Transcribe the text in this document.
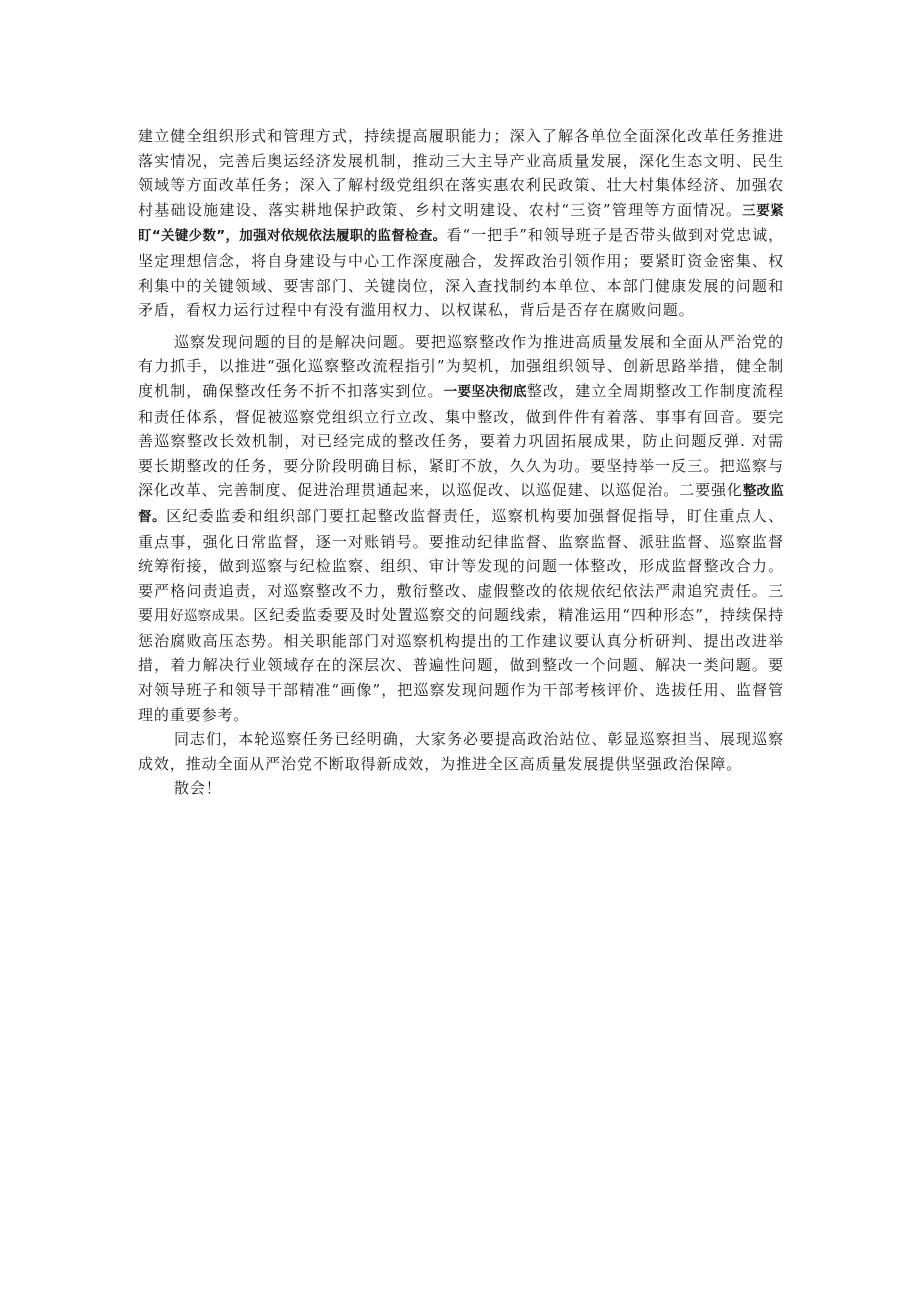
建立健全组织形式和管理方式，持续提高履职能力；深入了解各单位全面深化改革任务推进落实情况，完善后奥运经济发展机制，推动三大主导产业高质量发展，深化生态文明、民生领域等方面改革任务；深入了解村级党组织在落实惠农利民政策、壮大村集体经济、加强农村基础设施建设、落实耕地保护政策、乡村文明建设、农村“三资”管理等方面情况。三要紧盯“关键少数”，加强对依规依法履职的监督检查。看“一把手”和领导班子是否带头做到对党忠诚，坚定理想信念，将自身建设与中心工作深度融合，发挥政治引领作用；要紧盯资金密集、权利集中的关键领域、要害部门、关键岗位，深入查找制约本单位、本部门健康发展的问题和矛盾，看权力运行过程中有没有滥用权力、以权谋私，背后是否存在腐败问题。

巡察发现问题的目的是解决问题。要把巡察整改作为推进高质量发展和全面从严治党的有力抓手，以推进“强化巡察整改流程指引”为契机，加强组织领导、创新思路举措，健全制度机制，确保整改任务不折不扣落实到位。一要坚决彻底整改，建立全周期整改工作制度流程和责任体系，督促被巡察党组织立行立改、集中整改，做到件件有着落、事事有回音。要完善巡察整改长效机制，对已经完成的整改任务，要着力巩固拓展成果，防止问题反弹. 对需要长期整改的任务，要分阶段明确目标，紧盯不放，久久为功。要坚持举一反三。把巡察与深化改革、完善制度、促进治理贯通起来，以巡促改、以巡促建、以巡促治。二要强化整改监督。区纪委监委和组织部门要扛起整改监督责任，巡察机构要加强督促指导，盯住重点人、重点事，强化日常监督，逐一对账销号。要推动纪律监督、监察监督、派驻监督、巡察监督统筹衔接，做到巡察与纪检监察、组织、审计等发现的问题一体整改，形成监督整改合力。要严格问责追责，对巡察整改不力，敷衍整改、虚假整改的依规依纪依法严肃追究责任。三要用好巡察成果。区纪委监委要及时处置巡察交的问题线索，精准运用“四种形态”，持续保持惩治腐败高压态势。相关职能部门对巡察机构提出的工作建议要认真分析研判、提出改进举措，着力解决行业领域存在的深层次、普遍性问题，做到整改一个问题、解决一类问题。要对领导班子和领导干部精准“画像”，把巡察发现问题作为干部考核评价、选拔任用、监督管理的重要参考。

同志们，本轮巡察任务已经明确，大家务必要提高政治站位、彰显巡察担当、展现巡察成效，推动全面从严治党不断取得新成效，为推进全区高质量发展提供坚强政治保障。

散会！
